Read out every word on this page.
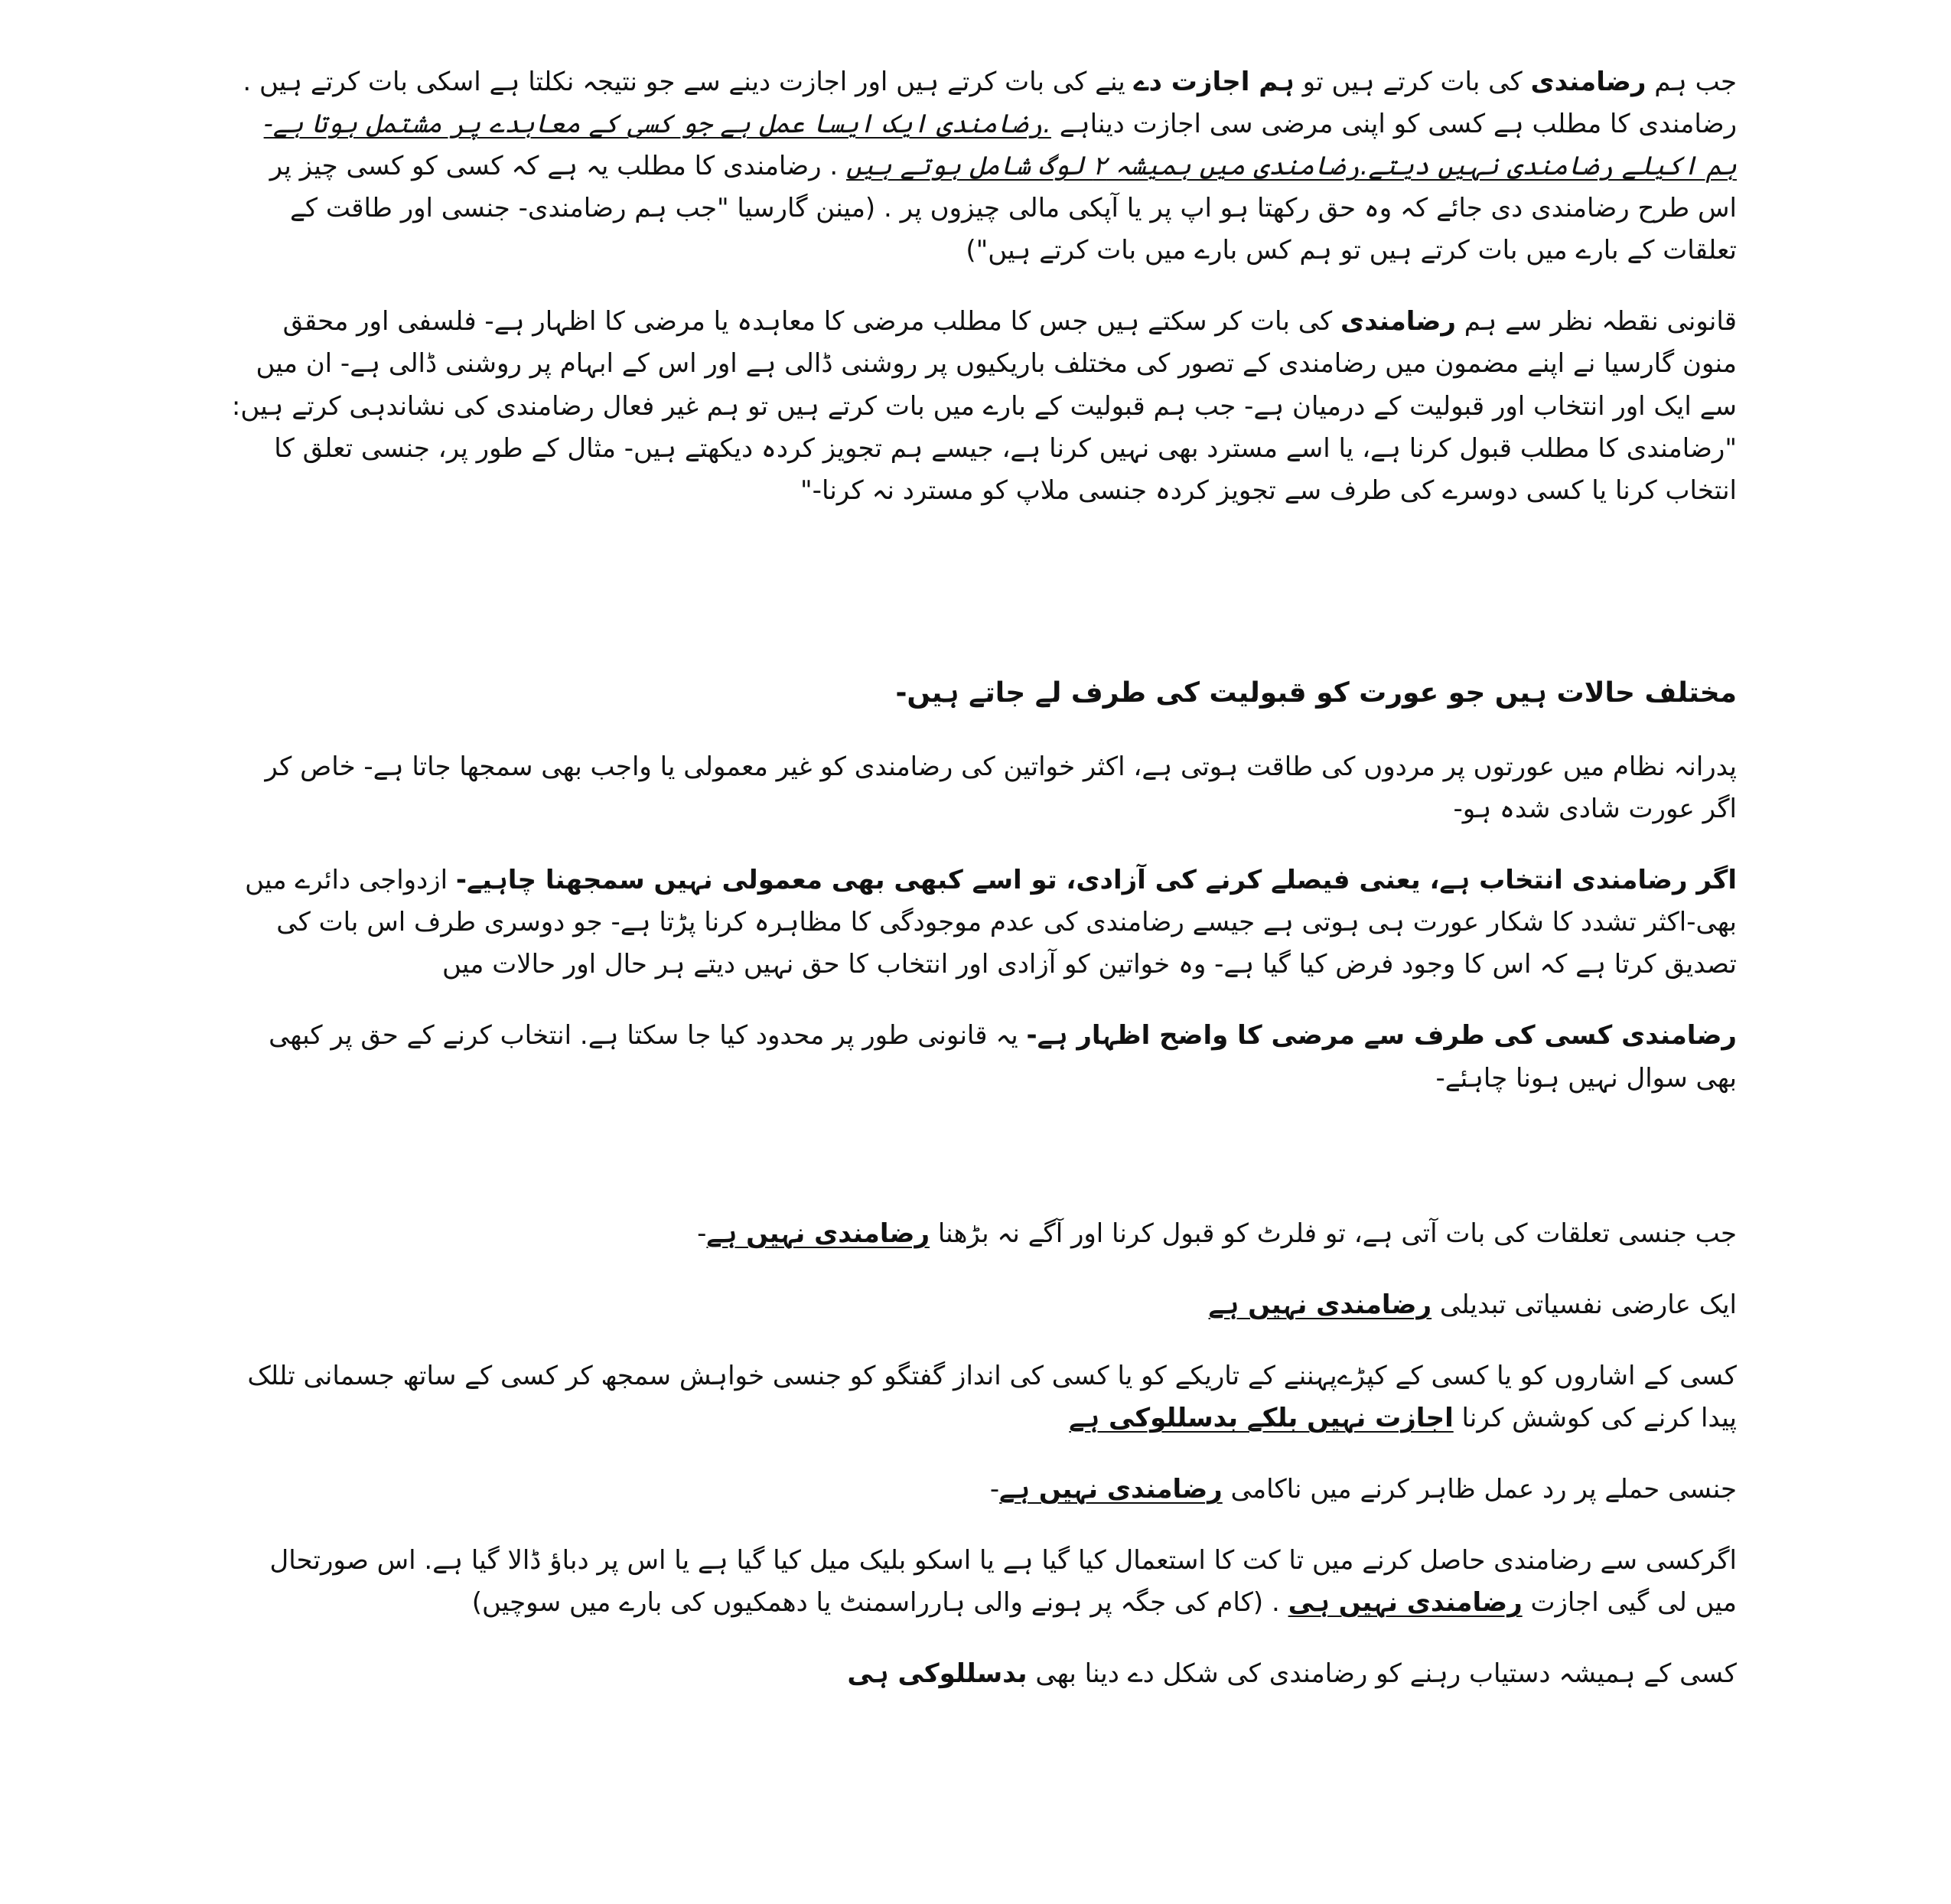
جب ہم رضامندی کی بات کرتے ہیں تو ہم اجازت دے ینے کی بات کرتے ہیں اور اجازت دینے سے جو نتیجہ نکلتا ہے اسکی بات کرتے ہیں . رضامندی کا مطلب ہے کسی کو اپنی مرضی سی اجازت دیناہے .رضامندی ایک ایسا عمل ہے جو کسی کے معاہدے پر مشتمل ہوتا ہے- ہم اکیلے رضامندی نہیں دیتے.رضامندی میں ہمیشہ ٢ لوگ شامل ہوتے ہیں . رضامندی کا مطلب یہ ہے کہ کسی کو کسی چیز پر اس طرح رضامندی دی جائے کہ وہ حق رکھتا ہو اپ پر یا آپکی مالی چیزوں پر . (مینن گارسیا "جب ہم رضامندی- جنسی اور طاقت کے تعلقات کے بارے میں بات کرتے ہیں تو ہم کس بارے میں بات کرتے ہیں")

قانونی نقطہ نظر سے ہم رضامندی کی بات کر سکتے ہیں جس کا مطلب مرضی کا معاہدہ یا مرضی کا اظہار ہے- فلسفی اور محقق منون گارسیا نے اپنے مضمون میں رضامندی کے تصور کی مختلف باریکیوں پر روشنی ڈالی ہے اور اس کے ابہام پر روشنی ڈالی ہے- ان میں سے ایک اور انتخاب اور قبولیت کے درمیان ہے- جب ہم قبولیت کے بارے میں بات کرتے ہیں تو ہم غیر فعال رضامندی کی نشاندہی کرتے ہیں: "رضامندی کا مطلب قبول کرنا ہے، یا اسے مسترد بھی نہیں کرنا ہے، جیسے ہم تجویز کردہ دیکھتے ہیں- مثال کے طور پر، جنسی تعلق کا انتخاب کرنا یا کسی دوسرے کی طرف سے تجویز کردہ جنسی ملاپ کو مسترد نہ کرنا-"

مختلف حالات ہیں جو عورت کو قبولیت کی طرف لے جاتے ہیں-

پدرانہ نظام میں عورتوں پر مردوں کی طاقت ہوتی ہے، اکثر خواتین کی رضامندی کو غیر معمولی یا واجب بھی سمجھا جاتا ہے- خاص کر اگر عورت شادی شدہ ہو-

اگر رضامندی انتخاب ہے، یعنی فیصلے کرنے کی آزادی، تو اسے کبھی بھی معمولی نہیں سمجھنا چاہیے- ازدواجی دائرے میں بھی-اکثر تشدد کا شکار عورت ہی ہوتی ہے جیسے رضامندی کی عدم موجودگی کا مظاہرہ کرنا پڑتا ہے- جو دوسری طرف اس بات کی تصدیق کرتا ہے کہ اس کا وجود فرض کیا گیا ہے- وہ خواتین کو آزادی اور انتخاب کا حق نہیں دیتے ہر حال اور حالات میں

رضامندی کسی کی طرف سے مرضی کا واضح اظہار ہے- یہ قانونی طور پر محدود کیا جا سکتا ہے. انتخاب کرنے کے حق پر کبھی بھی سوال نہیں ہونا چاہئے-

جب جنسی تعلقات کی بات آتی ہے، تو فلرٹ کو قبول کرنا اور آگے نہ بڑھنا رضامندی نہیں ہے-

ایک عارضی نفسیاتی تبدیلی رضامندی نہیں ہے

کسی کے اشاروں کو یا کسی کے کپڑےپہننے کے تاریکے کو یا کسی کی انداز گفتگو کو جنسی خواہش سمجھ کر کسی کے ساتھ جسمانی تللک پیدا کرنے کی کوشش کرنا اجازت نہیں بلکے بدسللوکی ہے

جنسی حملے پر رد عمل ظاہر کرنے میں ناکامی رضامندی نہیں ہے-

اگرکسی سے رضامندی حاصل کرنے میں تا کت کا استعمال کیا گیا ہے یا اسکو بلیک میل کیا گیا ہے یا اس پر دباؤ ڈالا گیا ہے. اس صورتحال میں لی گیی اجازت رضامندی نہیں ہی . (کام کی جگہ پر ہونے والی ہارراسمنٹ یا دھمکیوں کی بارے میں سوچیں)

کسی کے ہمیشہ دستیاب رہنے کو رضامندی کی شکل دے دینا بھی بدسللوکی ہی
